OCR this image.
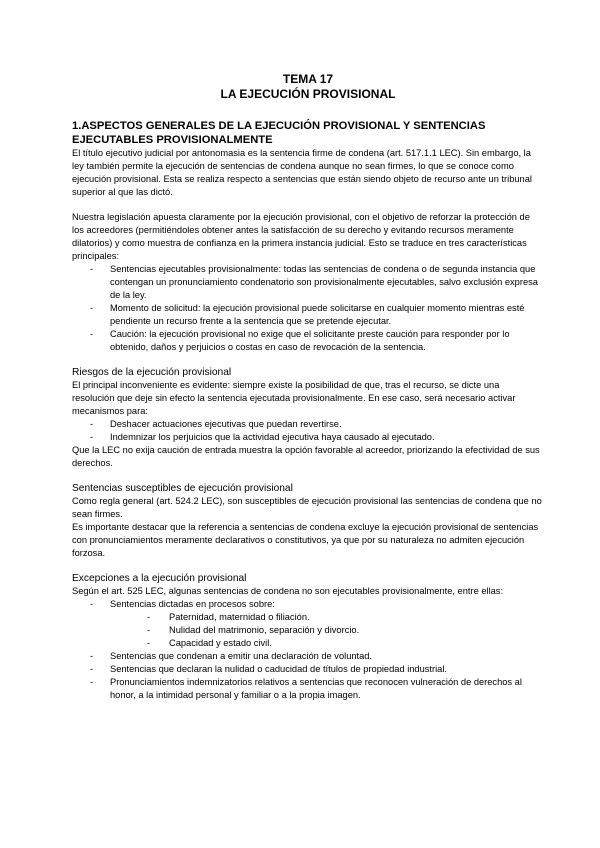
TEMA 17

LA EJECUCIÓN PROVISIONAL

1.ASPECTOS GENERALES DE LA EJECUCIÓN PROVISIONAL Y SENTENCIAS EJECUTABLES PROVISIONALMENTE

El título ejecutivo judicial por antonomasia es la sentencia firme de condena (art. 517.1.1 LEC). Sin embargo, la ley también permite la ejecución de sentencias de condena aunque no sean firmes, lo que se conoce como ejecución provisional. Esta se realiza respecto a sentencias que están siendo objeto de recurso ante un tribunal superior al que las dictó.

Nuestra legislación apuesta claramente por la ejecución provisional, con el objetivo de reforzar la protección de los acreedores (permitiéndoles obtener antes la satisfacción de su derecho y evitando recursos meramente dilatorios) y como muestra de confianza en la primera instancia judicial. Esto se traduce en tres características principales:

- Sentencias ejecutables provisionalmente: todas las sentencias de condena o de segunda instancia que contengan un pronunciamiento condenatorio son provisionalmente ejecutables, salvo exclusión expresa de la ley.
- Momento de solicitud: la ejecución provisional puede solicitarse en cualquier momento mientras esté pendiente un recurso frente a la sentencia que se pretende ejecutar.
- Caución: la ejecución provisional no exige que el solicitante preste caución para responder por lo obtenido, daños y perjuicios o costas en caso de revocación de la sentencia.

Riesgos de la ejecución provisional

El principal inconveniente es evidente: siempre existe la posibilidad de que, tras el recurso, se dicte una resolución que deje sin efecto la sentencia ejecutada provisionalmente. En ese caso, será necesario activar mecanismos para:

- Deshacer actuaciones ejecutivas que puedan revertirse.
- Indemnizar los perjuicios que la actividad ejecutiva haya causado al ejecutado.

Que la LEC no exija caución de entrada muestra la opción favorable al acreedor, priorizando la efectividad de sus derechos.

Sentencias susceptibles de ejecución provisional

Como regla general (art. 524.2 LEC), son susceptibles de ejecución provisional las sentencias de condena que no sean firmes.

Es importante destacar que la referencia a sentencias de condena excluye la ejecución provisional de sentencias con pronunciamientos meramente declarativos o constitutivos, ya que por su naturaleza no admiten ejecución forzosa.

Excepciones a la ejecución provisional

Según el art. 525 LEC, algunas sentencias de condena no son ejecutables provisionalmente, entre ellas:

- Sentencias dictadas en procesos sobre:
- Paternidad, maternidad o filiación.
- Nulidad del matrimonio, separación y divorcio.
- Capacidad y estado civil.
- Sentencias que condenan a emitir una declaración de voluntad.
- Sentencias que declaran la nulidad o caducidad de títulos de propiedad industrial.
- Pronunciamientos indemnizatorios relativos a sentencias que reconocen vulneración de derechos al honor, a la intimidad personal y familiar o a la propia imagen.
